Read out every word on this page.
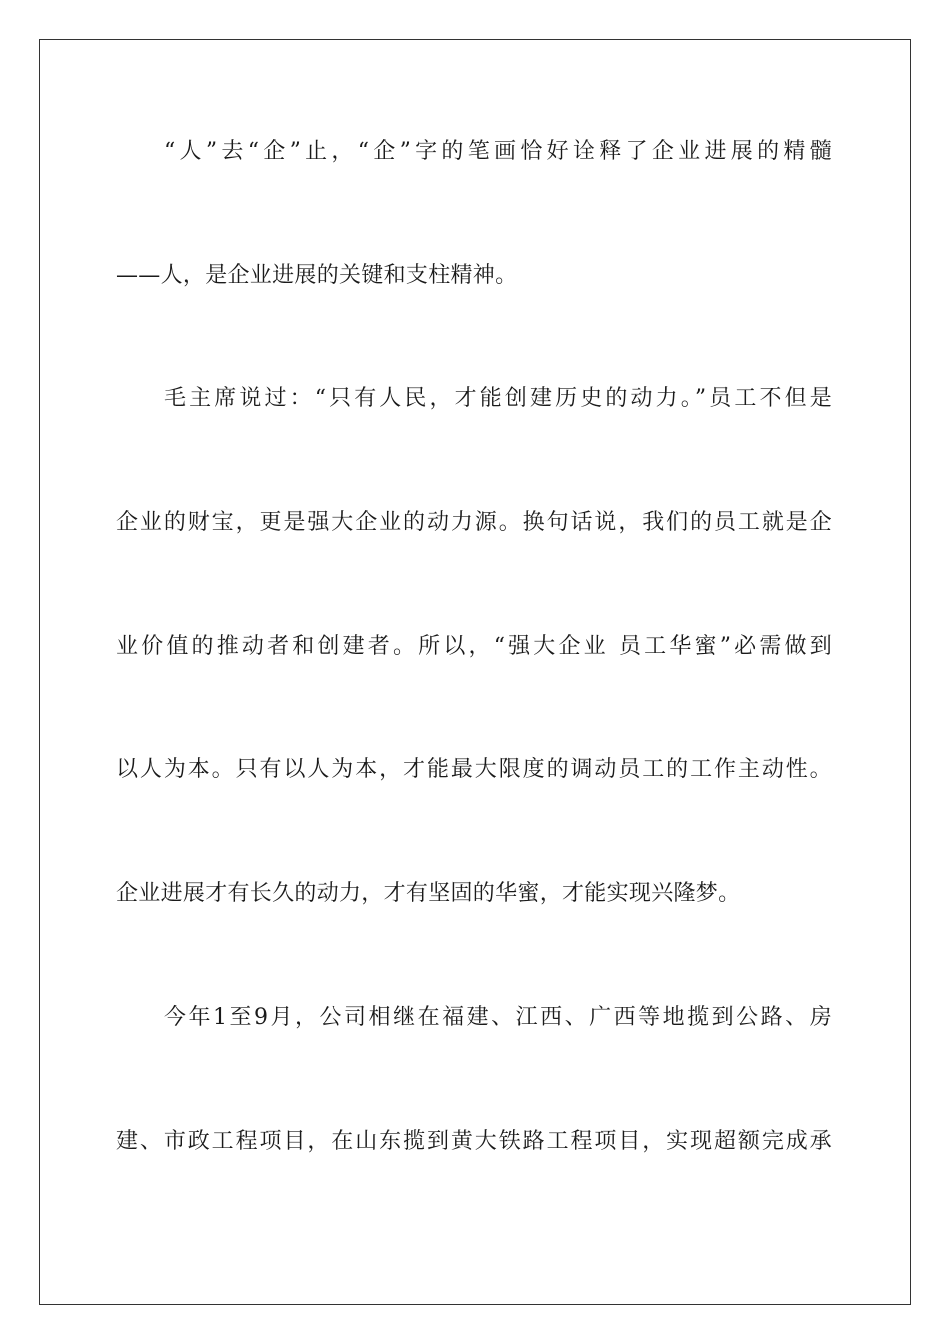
“人”去“企”止，“企”字的笔画恰好诠释了企业进展的精髓
——人，是企业进展的关键和支柱精神。
毛主席说过：“只有人民，才能创建历史的动力。”员工不但是
企业的财宝，更是强大企业的动力源。换句话说，我们的员工就是企
业价值的推动者和创建者。所以，“强大企业 员工华蜜”必需做到
以人为本。只有以人为本，才能最大限度的调动员工的工作主动性。
企业进展才有长久的动力，才有坚固的华蜜，才能实现兴隆梦。
今年1至9月，公司相继在福建、江西、广西等地揽到公路、房
建、市政工程项目，在山东揽到黄大铁路工程项目，实现超额完成承
